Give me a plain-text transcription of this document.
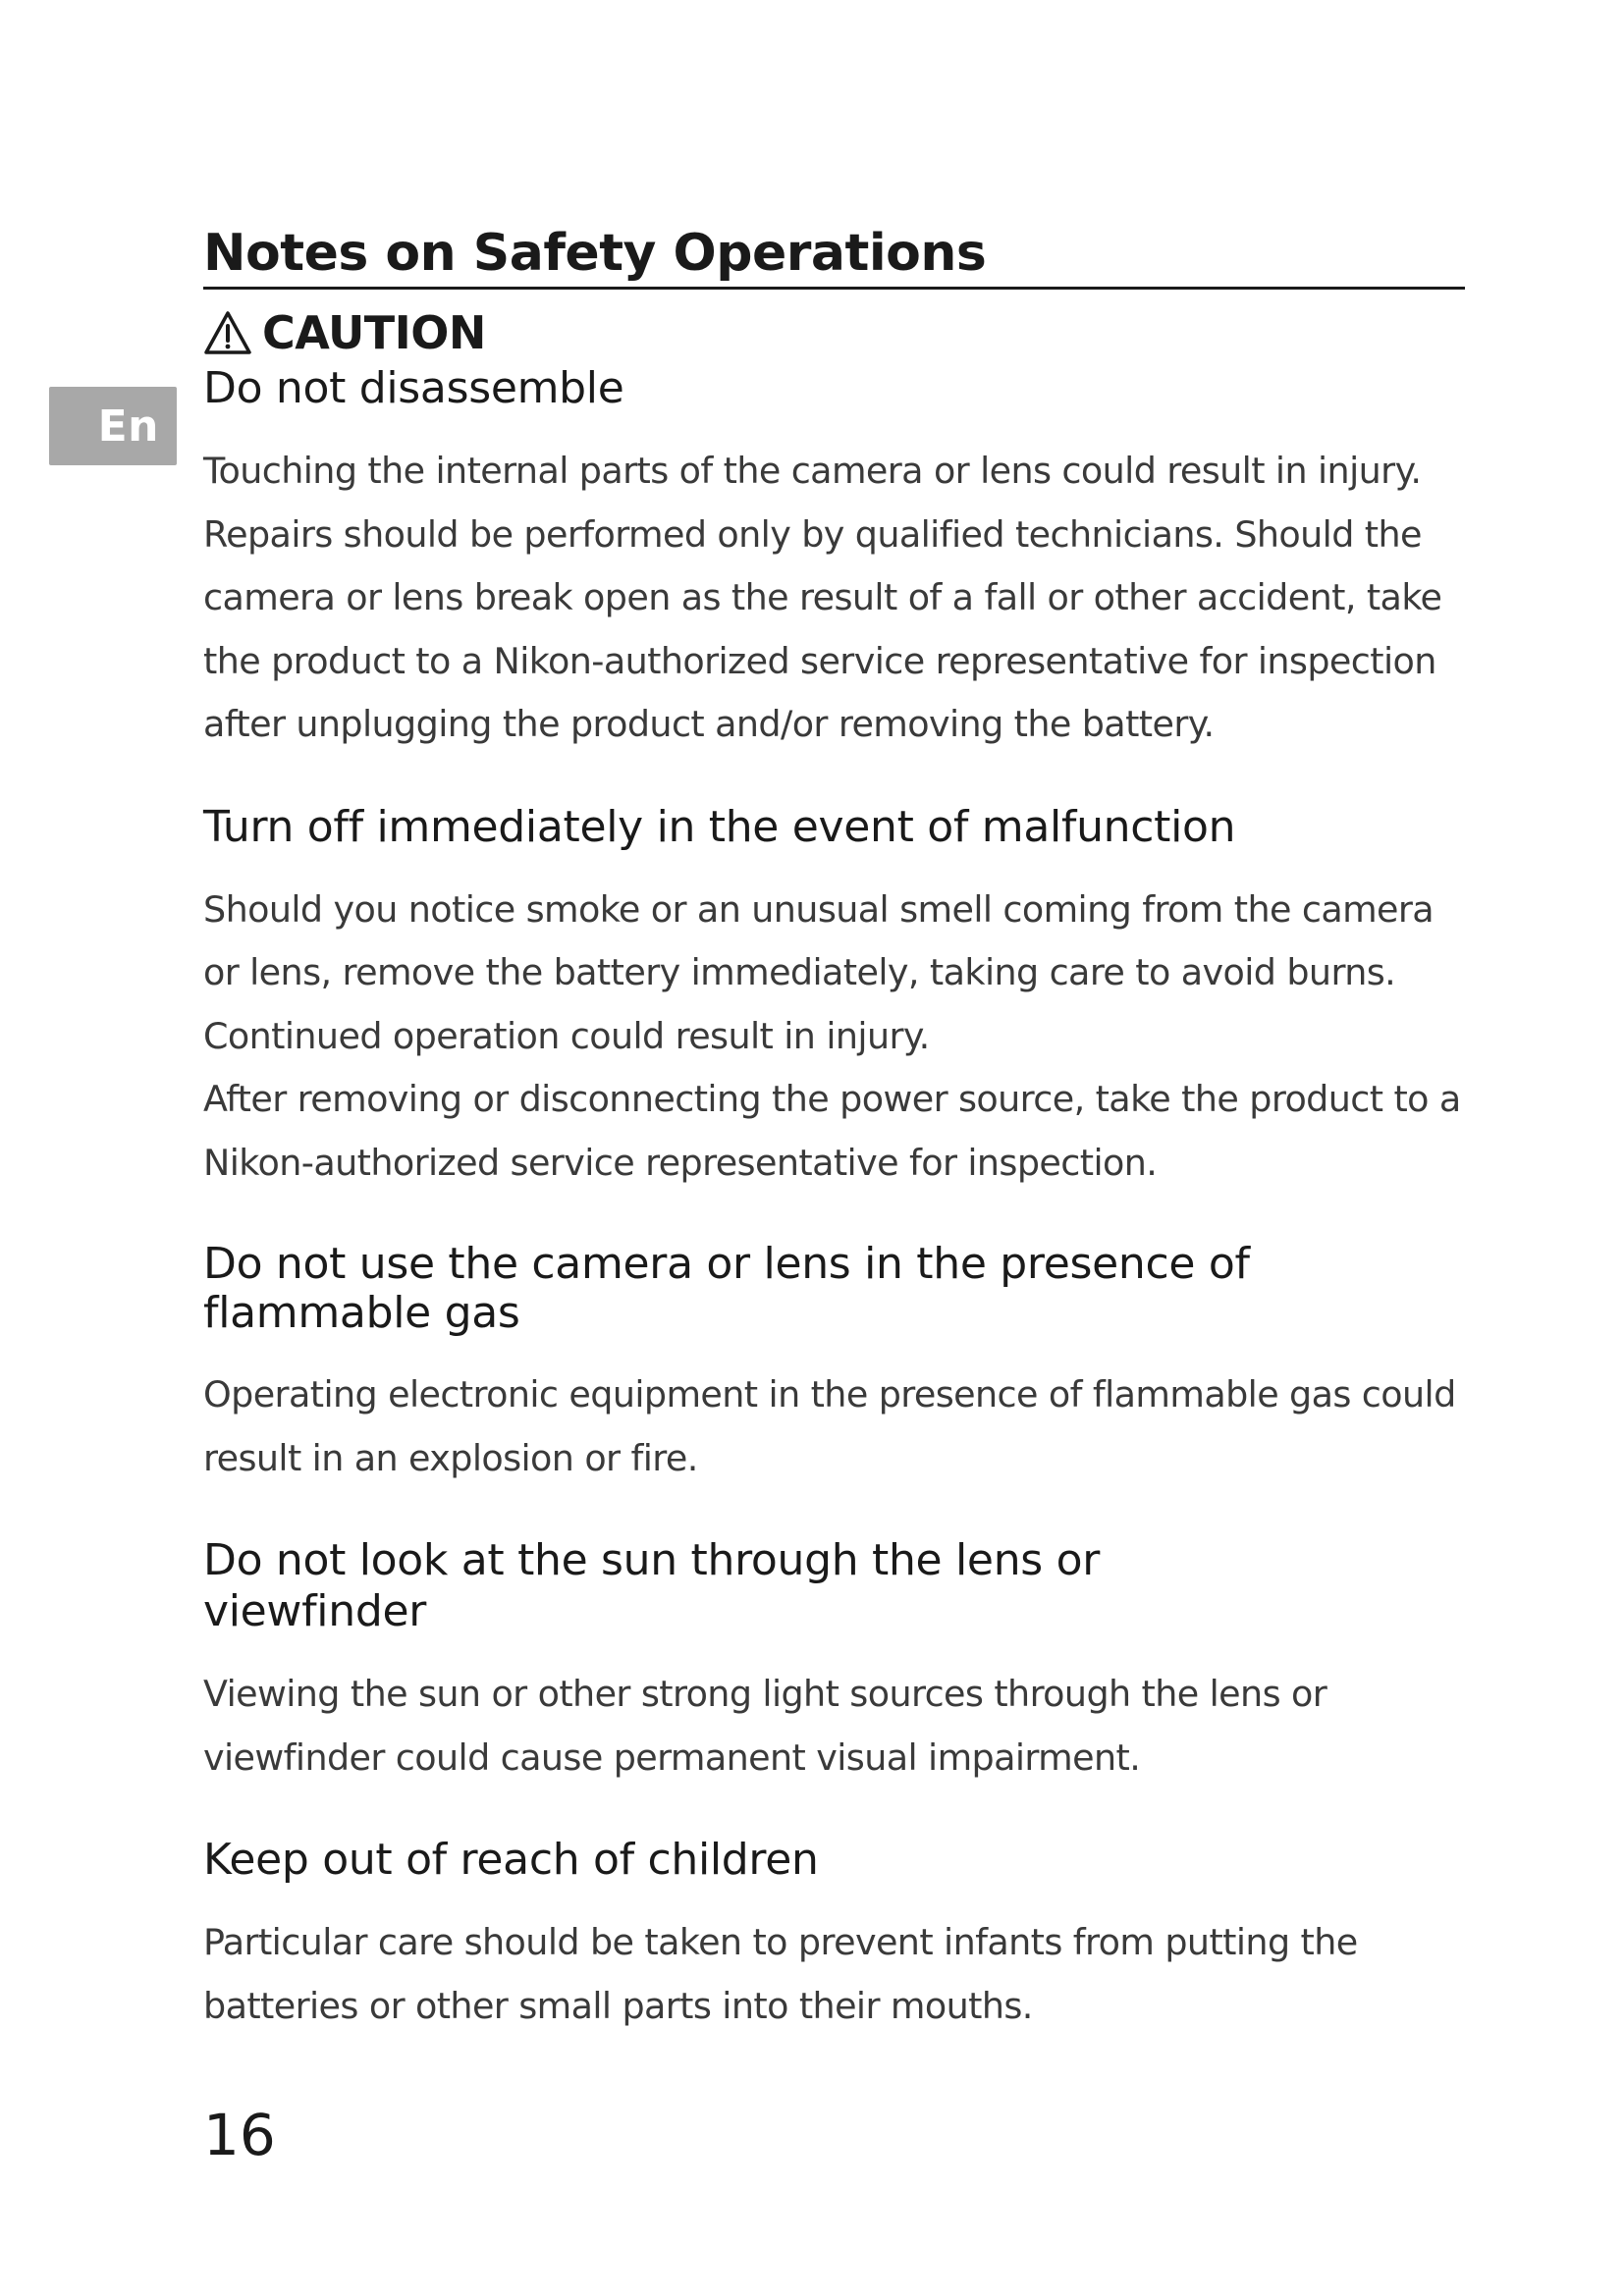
Notes on Safety Operations
CAUTION
En
Do not disassemble

Touching the internal parts of the camera or lens could result in injury. Repairs should be performed only by qualified technicians. Should the camera or lens break open as the result of a fall or other accident, take the product to a Nikon-authorized service representative for inspection after unplugging the product and/or removing the battery.

Turn off immediately in the event of malfunction

Should you notice smoke or an unusual smell coming from the camera or lens, remove the battery immediately, taking care to avoid burns. Continued operation could result in injury.

After removing or disconnecting the power source, take the product to a Nikon-authorized service representative for inspection.

Do not use the camera or lens in the presence of flammable gas

Operating electronic equipment in the presence of flammable gas could result in an explosion or fire.

Do not look at the sun through the lens or viewfinder

Viewing the sun or other strong light sources through the lens or viewfinder could cause permanent visual impairment.

Keep out of reach of children

Particular care should be taken to prevent infants from putting the batteries or other small parts into their mouths.

16
